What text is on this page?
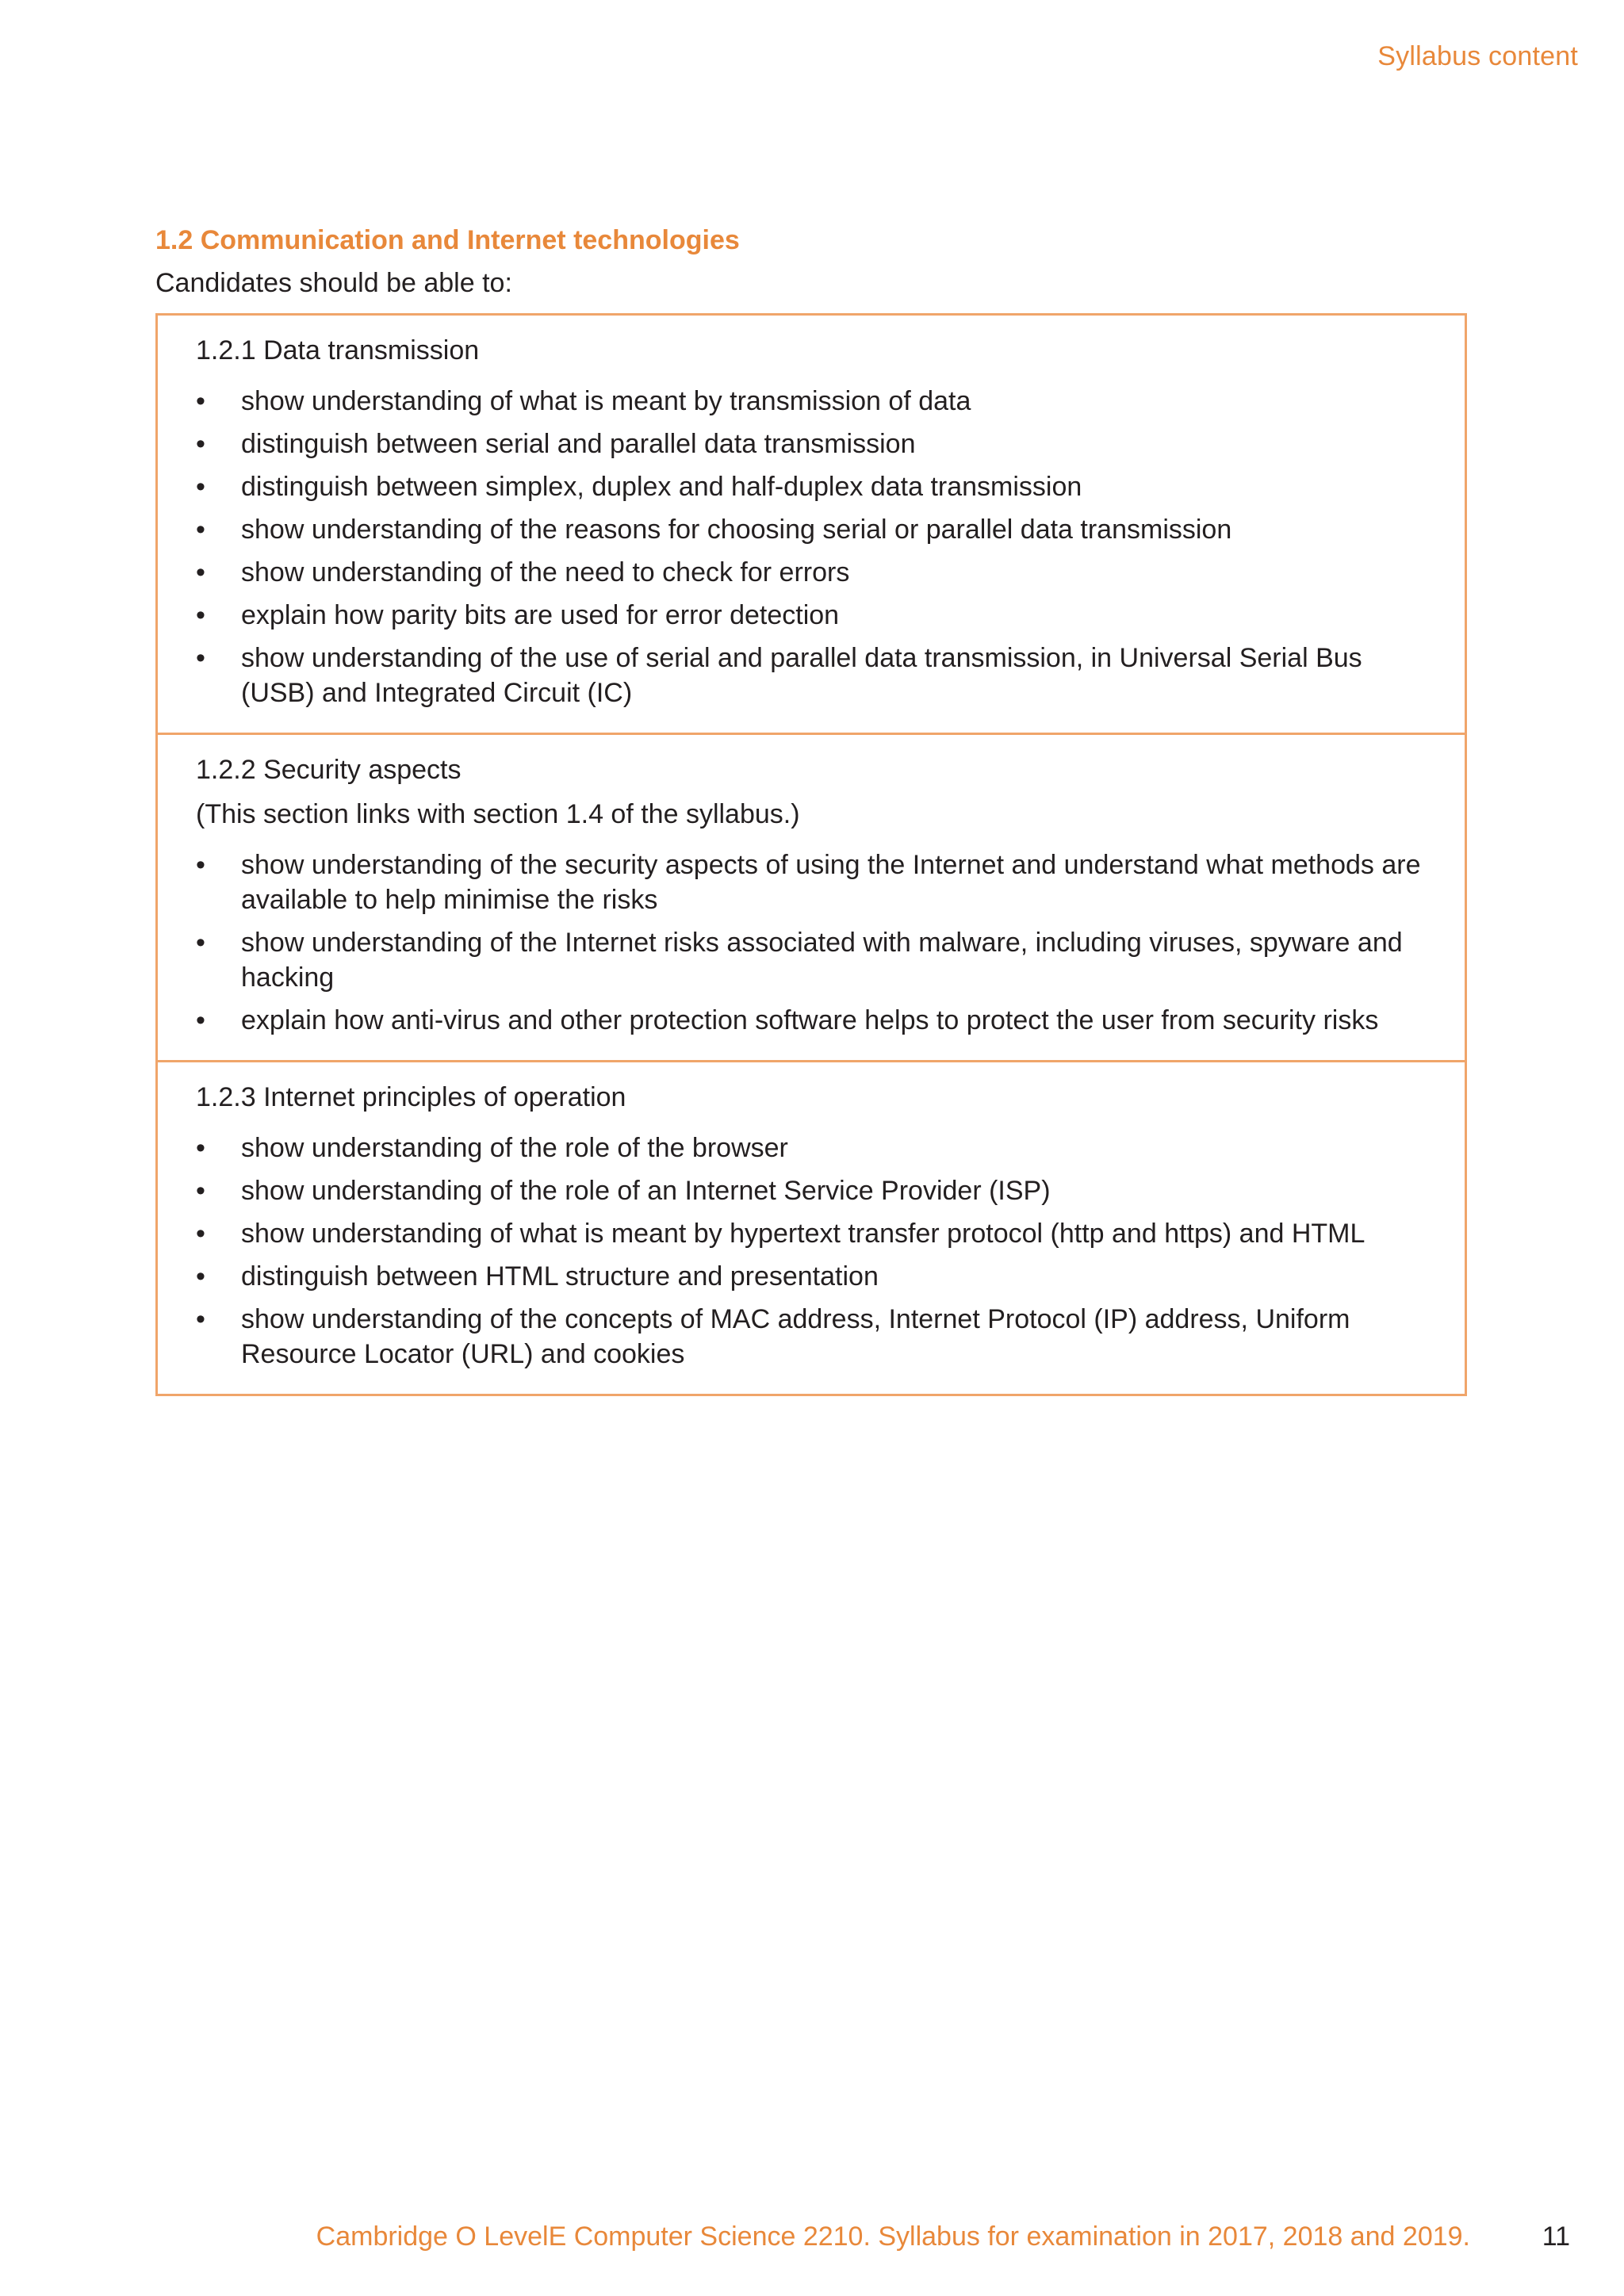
Syllabus content
1.2 Communication and Internet technologies
Candidates should be able to:
1.2.1 Data transmission
•	show understanding of what is meant by transmission of data
•	distinguish between serial and parallel data transmission
•	distinguish between simplex, duplex and half-duplex data transmission
•	show understanding of the reasons for choosing serial or parallel data transmission
•	show understanding of the need to check for errors
•	explain how parity bits are used for error detection
•	show understanding of the use of serial and parallel data transmission, in Universal Serial Bus (USB) and Integrated Circuit (IC)
1.2.2 Security aspects
(This section links with section 1.4 of the syllabus.)
•	show understanding of the security aspects of using the Internet and understand what methods are available to help minimise the risks
•	show understanding of the Internet risks associated with malware, including viruses, spyware and hacking
•	explain how anti-virus and other protection software helps to protect the user from security risks
1.2.3 Internet principles of operation
•	show understanding of the role of the browser
•	show understanding of the role of an Internet Service Provider (ISP)
•	show understanding of what is meant by hypertext transfer protocol (http and https) and HTML
•	distinguish between HTML structure and presentation
•	show understanding of the concepts of MAC address, Internet Protocol (IP) address, Uniform Resource Locator (URL) and cookies
Cambridge O LevelE Computer Science 2210. Syllabus for examination in 2017, 2018 and 2019.	11
